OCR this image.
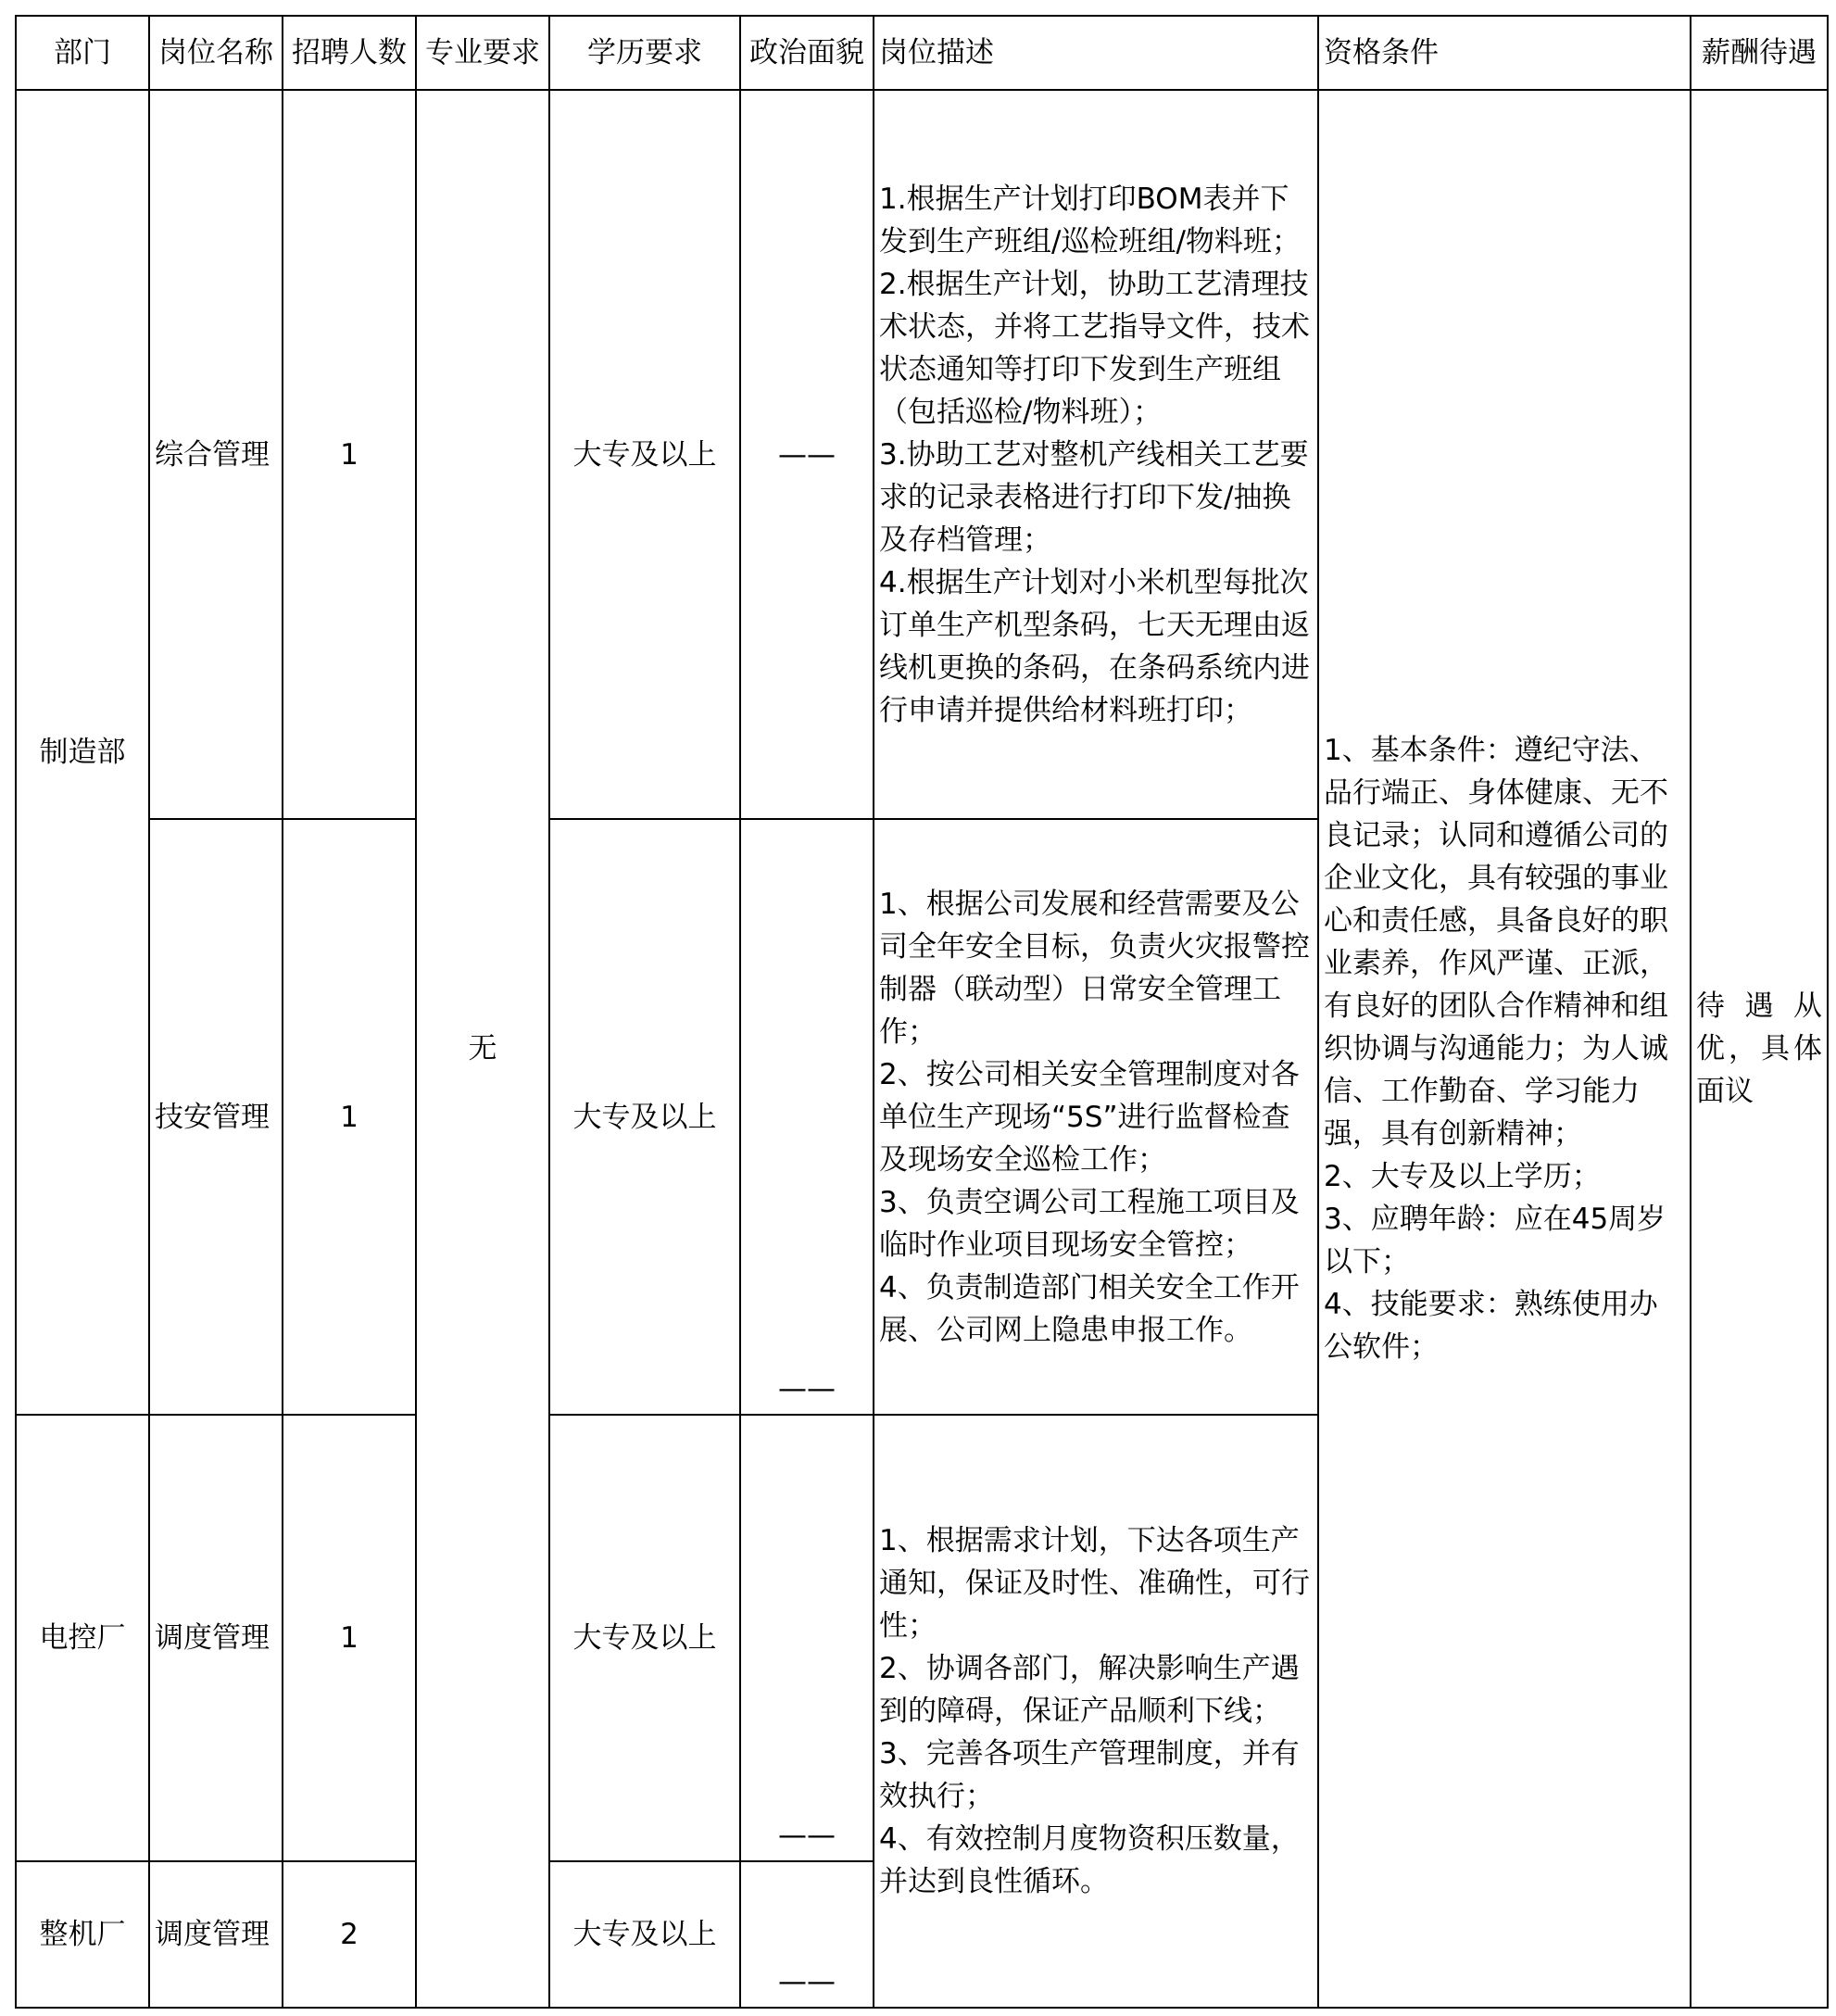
部门	岗位名称	招聘人数	专业要求	学历要求	政治面貌	岗位描述	资格条件	薪酬待遇
制造部	综合管理	1	无	大专及以上	——	1.根据生产计划打印BOM表并下发到生产班组/巡检班组/物料班；
2.根据生产计划，协助工艺清理技术状态，并将工艺指导文件，技术状态通知等打印下发到生产班组（包括巡检/物料班）；
3.协助工艺对整机产线相关工艺要求的记录表格进行打印下发/抽换及存档管理；
4.根据生产计划对小米机型每批次订单生产机型条码，七天无理由返线机更换的条码，在条码系统内进行申请并提供给材料班打印；	1、基本条件：遵纪守法、品行端正、身体健康、无不良记录；认同和遵循公司的企业文化，具有较强的事业心和责任感，具备良好的职业素养，作风严谨、正派，有良好的团队合作精神和组织协调与沟通能力；为人诚信、工作勤奋、学习能力强，具有创新精神；
2、大专及以上学历；
3、应聘年龄：应在45周岁以下；
4、技能要求：熟练使用办公软件；	待遇从优，具体面议
	技安管理	1		大专及以上	——	1、根据公司发展和经营需要及公司全年安全目标，负责火灾报警控制器（联动型）日常安全管理工作；
2、按公司相关安全管理制度对各单位生产现场“5S”进行监督检查及现场安全巡检工作；
3、负责空调公司工程施工项目及临时作业项目现场安全管控；
4、负责制造部门相关安全工作开展、公司网上隐患申报工作。		
电控厂	调度管理	1		大专及以上	——	1、根据需求计划，下达各项生产通知，保证及时性、准确性，可行性；
2、协调各部门，解决影响生产遇到的障碍，保证产品顺利下线；
3、完善各项生产管理制度，并有效执行；
4、有效控制月度物资积压数量，并达到良性循环。		
整机厂	调度管理	2		大专及以上	——			
